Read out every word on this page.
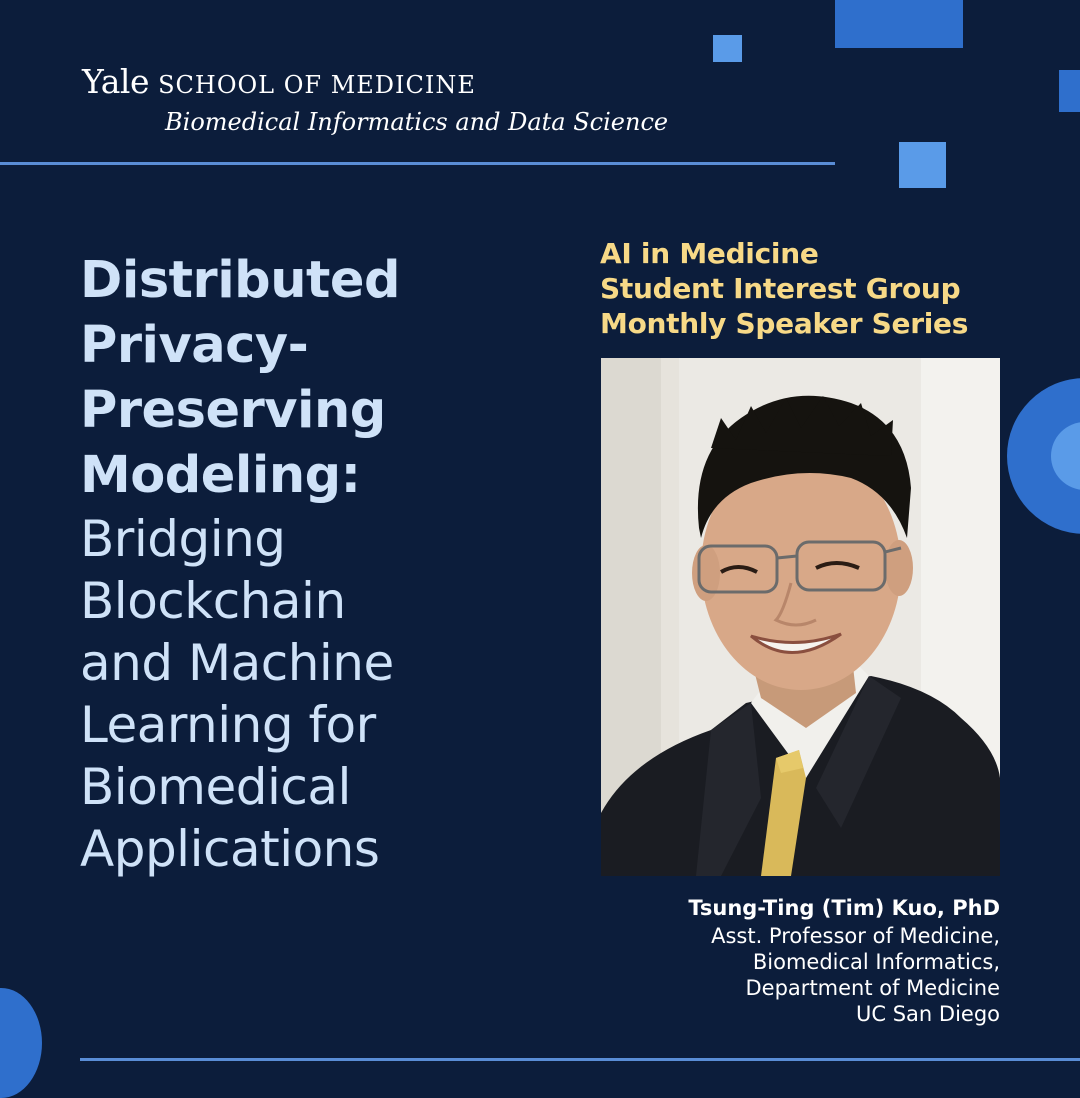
Yale SCHOOL OF MEDICINE
Biomedical Informatics and Data Science
Distributed
Privacy-
Preserving
Modeling:
Bridging
Blockchain
and Machine
Learning for
Biomedical
Applications
AI in Medicine
Student Interest Group
Monthly Speaker Series
Tsung-Ting (Tim) Kuo, PhD
Asst. Professor of Medicine,
Biomedical Informatics,
Department of Medicine
UC San Diego
